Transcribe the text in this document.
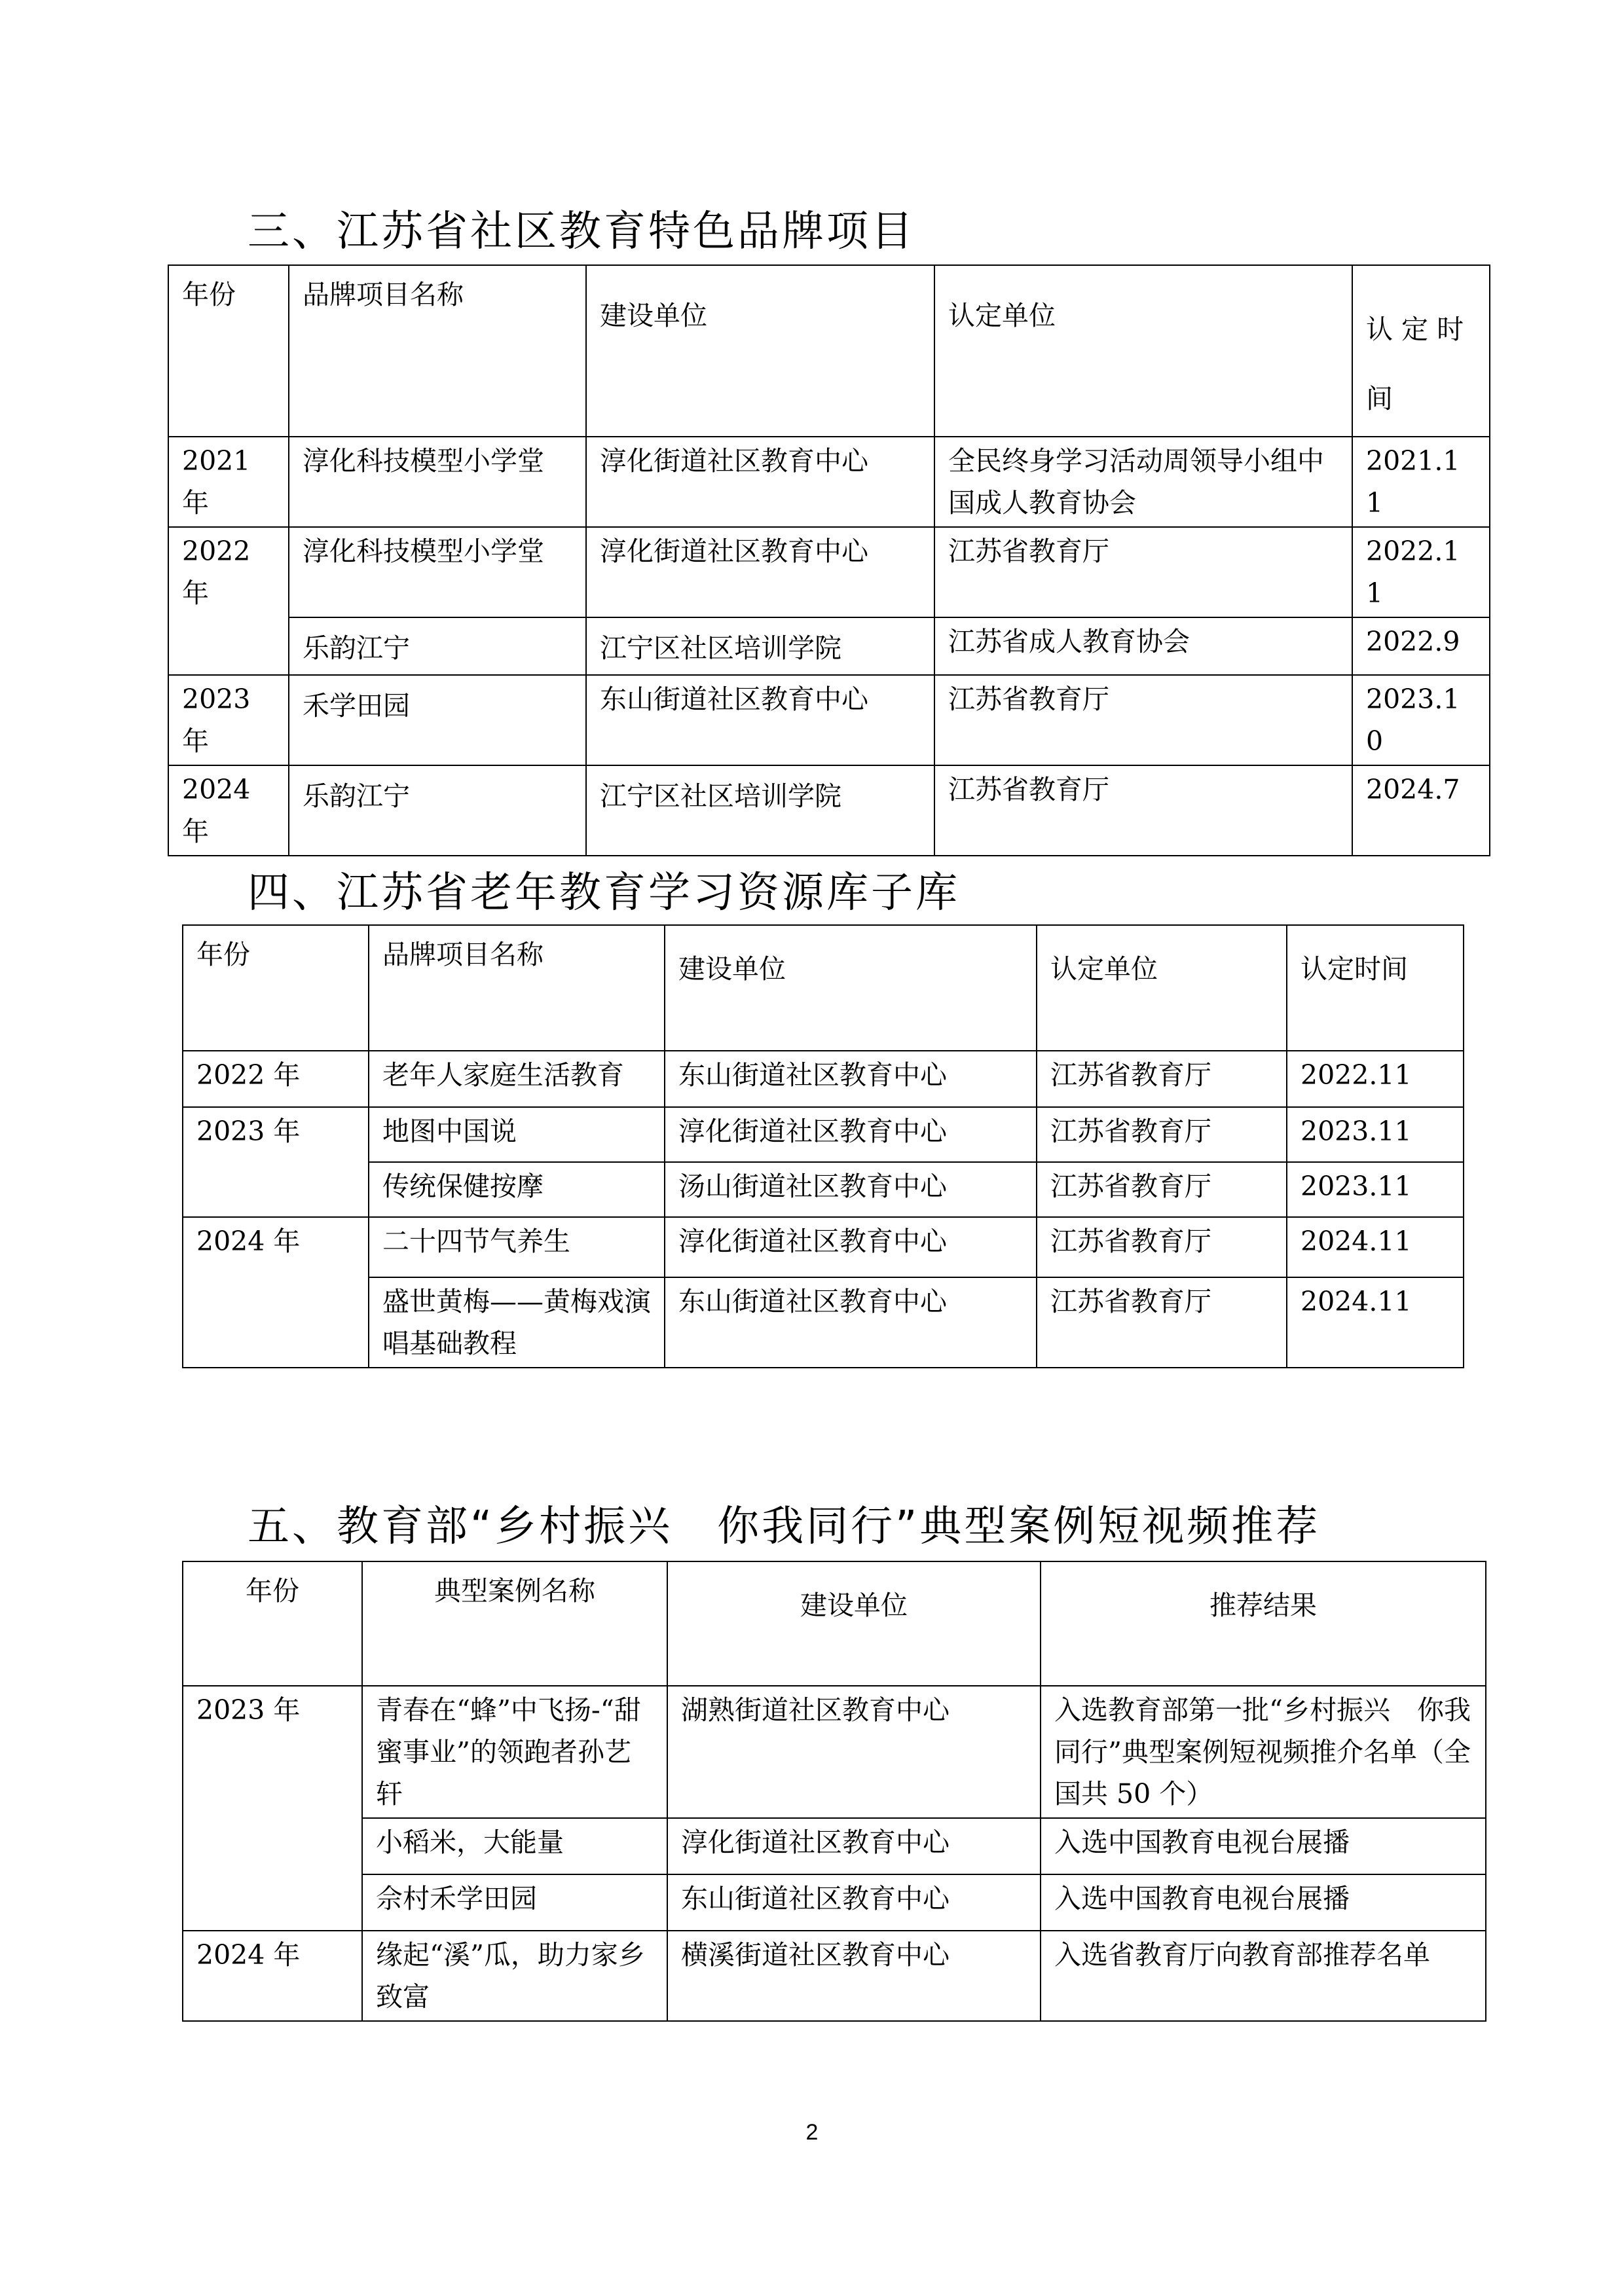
三、江苏省社区教育特色品牌项目
年份	品牌项目名称	建设单位	认定单位	认 定 时 间
2021 年	淳化科技模型小学堂	淳化街道社区教育中心	全民终身学习活动周领导小组中国成人教育协会	2021.11
2022 年	淳化科技模型小学堂	淳化街道社区教育中心	江苏省教育厅	2022.11
	乐韵江宁	江宁区社区培训学院	江苏省成人教育协会	2022.9
2023 年	禾学田园	东山街道社区教育中心	江苏省教育厅	2023.10
2024 年	乐韵江宁	江宁区社区培训学院	江苏省教育厅	2024.7
四、江苏省老年教育学习资源库子库
年份	品牌项目名称	建设单位	认定单位	认定时间
2022 年	老年人家庭生活教育	东山街道社区教育中心	江苏省教育厅	2022.11
2023 年	地图中国说	淳化街道社区教育中心	江苏省教育厅	2023.11
	传统保健按摩	汤山街道社区教育中心	江苏省教育厅	2023.11
2024 年	二十四节气养生	淳化街道社区教育中心	江苏省教育厅	2024.11
	盛世黄梅——黄梅戏演唱基础教程	东山街道社区教育中心	江苏省教育厅	2024.11
五、教育部“乡村振兴　你我同行”典型案例短视频推荐
年份	典型案例名称	建设单位	推荐结果
2023 年	青春在“蜂”中飞扬-“甜蜜事业”的领跑者孙艺轩	湖熟街道社区教育中心	入选教育部第一批“乡村振兴　你我同行”典型案例短视频推介名单（全国共 50 个）
	小稻米，大能量	淳化街道社区教育中心	入选中国教育电视台展播
	佘村禾学田园	东山街道社区教育中心	入选中国教育电视台展播
2024 年	缘起“溪”瓜，助力家乡致富	横溪街道社区教育中心	入选省教育厅向教育部推荐名单
2
